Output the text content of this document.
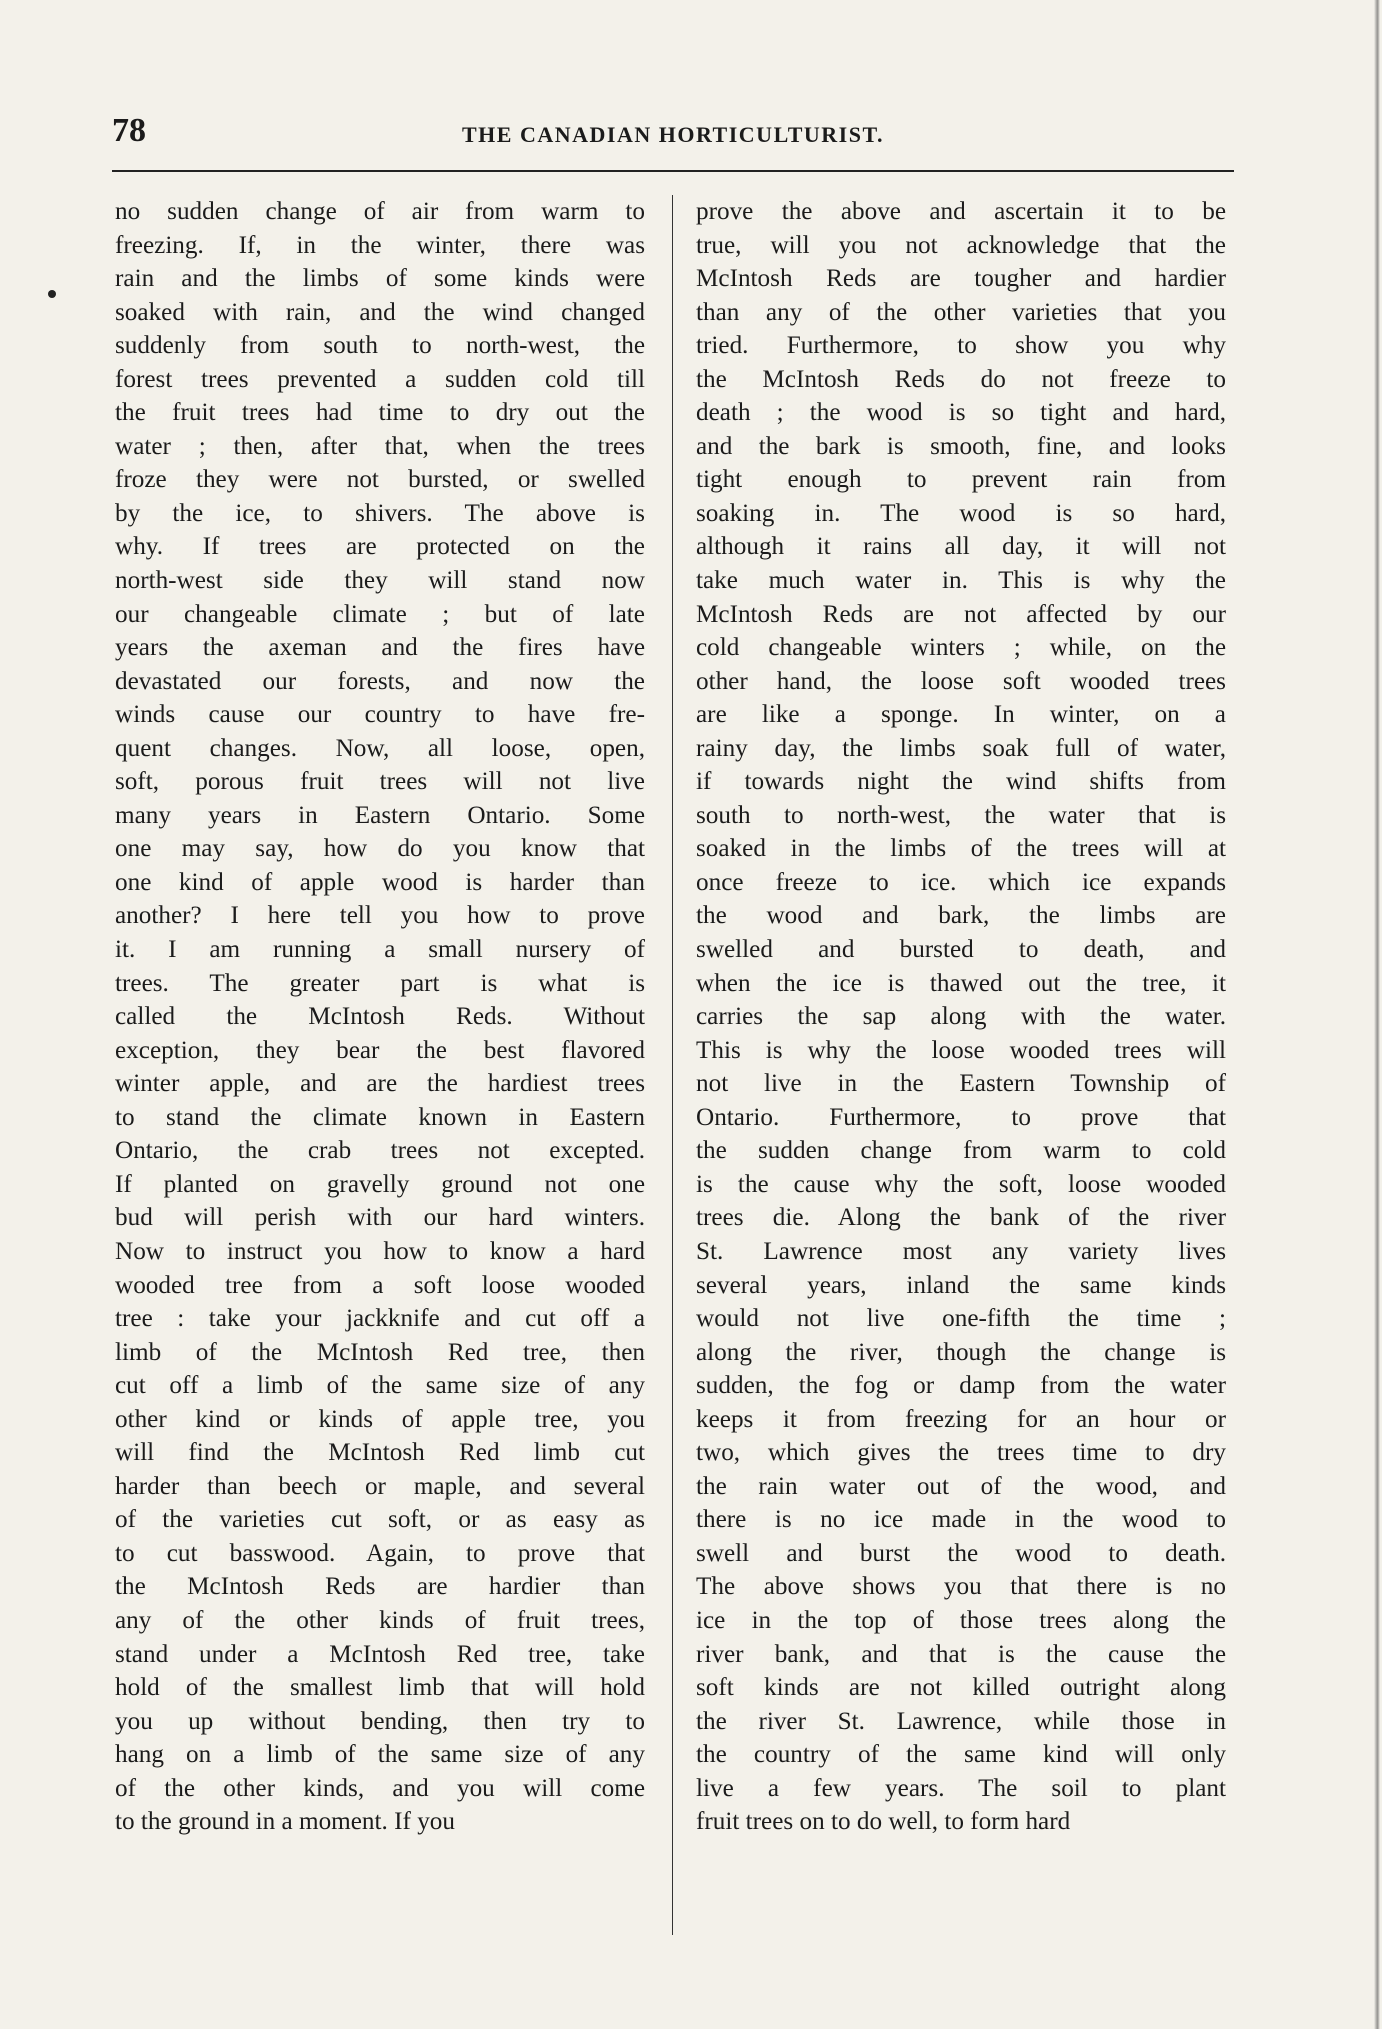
78	THE CANADIAN HORTICULTURIST.
no sudden change of air from warm to
freezing. If, in the winter, there was
rain and the limbs of some kinds were
soaked with rain, and the wind changed
suddenly from south to north-west, the
forest trees prevented a sudden cold till
the fruit trees had time to dry out the
water ; then, after that, when the trees
froze they were not bursted, or swelled
by the ice, to shivers. The above is
why. If trees are protected on the
north-west side they will stand now
our changeable climate ; but of late
years the axeman and the fires have
devastated our forests, and now the
winds cause our country to have fre-
quent changes. Now, all loose, open,
soft, porous fruit trees will not live
many years in Eastern Ontario. Some
one may say, how do you know that
one kind of apple wood is harder than
another? I here tell you how to prove
it. I am running a small nursery of
trees. The greater part is what is
called the McIntosh Reds. Without
exception, they bear the best flavored
winter apple, and are the hardiest trees
to stand the climate known in Eastern
Ontario, the crab trees not excepted.
If planted on gravelly ground not one
bud will perish with our hard winters.
Now to instruct you how to know a hard
wooded tree from a soft loose wooded
tree : take your jackknife and cut off a
limb of the McIntosh Red tree, then
cut off a limb of the same size of any
other kind or kinds of apple tree, you
will find the McIntosh Red limb cut
harder than beech or maple, and several
of the varieties cut soft, or as easy as
to cut basswood. Again, to prove that
the McIntosh Reds are hardier than
any of the other kinds of fruit trees,
stand under a McIntosh Red tree, take
hold of the smallest limb that will hold
you up without bending, then try to
hang on a limb of the same size of any
of the other kinds, and you will come
to the ground in a moment. If you
prove the above and ascertain it to be
true, will you not acknowledge that the
McIntosh Reds are tougher and hardier
than any of the other varieties that you
tried. Furthermore, to show you why
the McIntosh Reds do not freeze to
death ; the wood is so tight and hard,
and the bark is smooth, fine, and looks
tight enough to prevent rain from
soaking in. The wood is so hard,
although it rains all day, it will not
take much water in. This is why the
McIntosh Reds are not affected by our
cold changeable winters ; while, on the
other hand, the loose soft wooded trees
are like a sponge. In winter, on a
rainy day, the limbs soak full of water,
if towards night the wind shifts from
south to north-west, the water that is
soaked in the limbs of the trees will at
once freeze to ice. which ice expands
the wood and bark, the limbs are
swelled and bursted to death, and
when the ice is thawed out the tree, it
carries the sap along with the water.
This is why the loose wooded trees will
not live in the Eastern Township of
Ontario. Furthermore, to prove that
the sudden change from warm to cold
is the cause why the soft, loose wooded
trees die. Along the bank of the river
St. Lawrence most any variety lives
several years, inland the same kinds
would not live one-fifth the time ;
along the river, though the change is
sudden, the fog or damp from the water
keeps it from freezing for an hour or
two, which gives the trees time to dry
the rain water out of the wood, and
there is no ice made in the wood to
swell and burst the wood to death.
The above shows you that there is no
ice in the top of those trees along the
river bank, and that is the cause the
soft kinds are not killed outright along
the river St. Lawrence, while those in
the country of the same kind will only
live a few years. The soil to plant
fruit trees on to do well, to form hard
